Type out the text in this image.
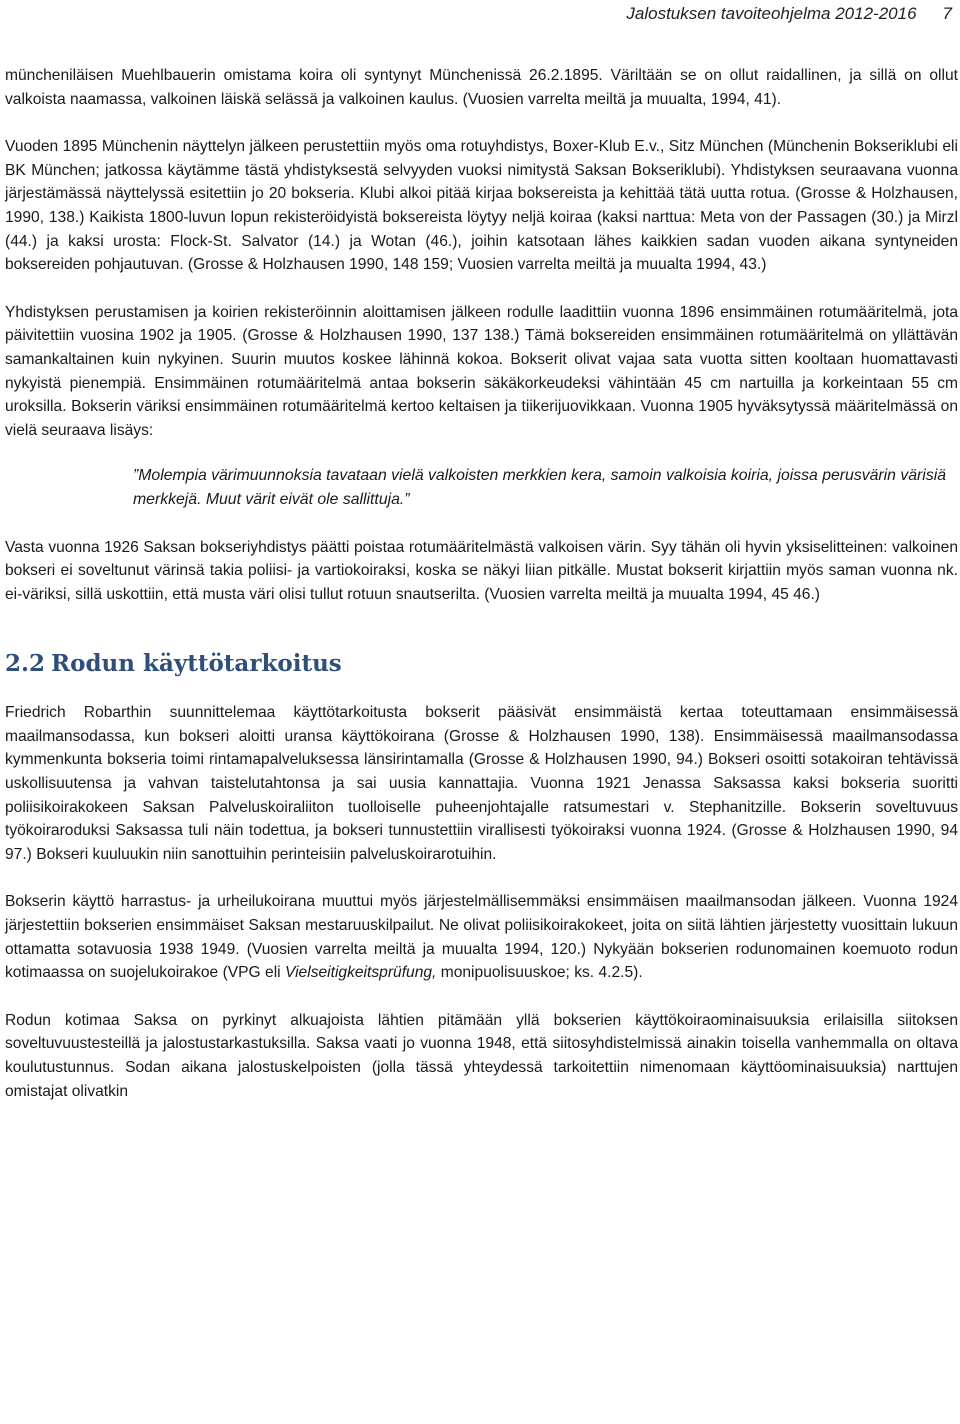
Jalostuksen tavoiteohjelma 2012-2016 7

müncheniläisen Muehlbauerin omistama koira oli syntynyt Münchenissä 26.2.1895. Väriltään se on ollut raidallinen, ja sillä on ollut valkoista naamassa, valkoinen läiskä selässä ja valkoinen kaulus. (Vuosien varrelta meiltä ja muualta, 1994, 41).

Vuoden 1895 Münchenin näyttelyn jälkeen perustettiin myös oma rotuyhdistys, Boxer-Klub E.v., Sitz München (Münchenin Bokseriklubi eli BK München; jatkossa käytämme tästä yhdistyksestä selvyyden vuoksi nimitystä Saksan Bokseriklubi). Yhdistyksen seuraavana vuonna järjestämässä näyttelyssä esitettiin jo 20 bokseria. Klubi alkoi pitää kirjaa boksereista ja kehittää tätä uutta rotua. (Grosse & Holzhausen, 1990, 138.) Kaikista 1800-luvun lopun rekisteröidyistä boksereista löytyy neljä koiraa (kaksi narttua: Meta von der Passagen (30.) ja Mirzl (44.) ja kaksi urosta: Flock-St. Salvator (14.) ja Wotan (46.), joihin katsotaan lähes kaikkien sadan vuoden aikana syntyneiden boksereiden pohjautuvan. (Grosse & Holzhausen 1990, 148 159; Vuosien varrelta meiltä ja muualta 1994, 43.)

Yhdistyksen perustamisen ja koirien rekisteröinnin aloittamisen jälkeen rodulle laadittiin vuonna 1896 ensimmäinen rotumääritelmä, jota päivitettiin vuosina 1902 ja 1905. (Grosse & Holzhausen 1990, 137 138.) Tämä boksereiden ensimmäinen rotumääritelmä on yllättävän samankaltainen kuin nykyinen. Suurin muutos koskee lähinnä kokoa. Bokserit olivat vajaa sata vuotta sitten kooltaan huomattavasti nykyistä pienempiä. Ensimmäinen rotumääritelmä antaa bokserin säkäkorkeudeksi vähintään 45 cm nartuilla ja korkeintaan 55 cm uroksilla. Bokserin väriksi ensimmäinen rotumääritelmä kertoo keltaisen ja tiikerijuovikkaan. Vuonna 1905 hyväksytyssä määritelmässä on vielä seuraava lisäys:

”Molempia värimuunnoksia tavataan vielä valkoisten merkkien kera, samoin valkoisia koiria, joissa perusvärin värisiä merkkejä. Muut värit eivät ole sallittuja.”

Vasta vuonna 1926 Saksan bokseriyhdistys päätti poistaa rotumääritelmästä valkoisen värin. Syy tähän oli hyvin yksiselitteinen: valkoinen bokseri ei soveltunut värinsä takia poliisi- ja vartiokoiraksi, koska se näkyi liian pitkälle. Mustat bokserit kirjattiin myös saman vuonna nk. ei-väriksi, sillä uskottiin, että musta väri olisi tullut rotuun snautserilta. (Vuosien varrelta meiltä ja muualta 1994, 45 46.)

2.2 Rodun käyttötarkoitus

Friedrich Robarthin suunnittelemaa käyttötarkoitusta bokserit pääsivät ensimmäistä kertaa toteuttamaan ensimmäisessä maailmansodassa, kun bokseri aloitti uransa käyttökoirana (Grosse & Holzhausen 1990, 138). Ensimmäisessä maailmansodassa kymmenkunta bokseria toimi rintamapalveluksessa länsirintamalla (Grosse & Holzhausen 1990, 94.) Bokseri osoitti sotakoiran tehtävissä uskollisuutensa ja vahvan taistelutahtonsa ja sai uusia kannattajia. Vuonna 1921 Jenassa Saksassa kaksi bokseria suoritti poliisikoirakokeen Saksan Palveluskoiraliiton tuolloiselle puheenjohtajalle ratsumestari v. Stephanitzille. Bokserin soveltuvuus työkoiraroduksi Saksassa tuli näin todettua, ja bokseri tunnustettiin virallisesti työkoiraksi vuonna 1924. (Grosse & Holzhausen 1990, 94 97.) Bokseri kuuluukin niin sanottuihin perinteisiin palveluskoirarotuihin.

Bokserin käyttö harrastus- ja urheilukoirana muuttui myös järjestelmällisemmäksi ensimmäisen maailmansodan jälkeen. Vuonna 1924 järjestettiin bokserien ensimmäiset Saksan mestaruuskilpailut. Ne olivat poliisikoirakokeet, joita on siitä lähtien järjestetty vuosittain lukuun ottamatta sotavuosia 1938 1949. (Vuosien varrelta meiltä ja muualta 1994, 120.) Nykyään bokserien rodunomainen koemuoto rodun kotimaassa on suojelukoirakoe (VPG eli Vielseitigkeitsprüfung, monipuolisuuskoe; ks. 4.2.5).

Rodun kotimaa Saksa on pyrkinyt alkuajoista lähtien pitämään yllä bokserien käyttökoiraominaisuuksia erilaisilla siitoksen soveltuvuustesteillä ja jalostustarkastuksilla. Saksa vaati jo vuonna 1948, että siitosyhdistelmissä ainakin toisella vanhemmalla on oltava koulutustunnus. Sodan aikana jalostuskelpoisten (jolla tässä yhteydessä tarkoitettiin nimenomaan käyttöominaisuuksia) narttujen omistajat olivatkin
